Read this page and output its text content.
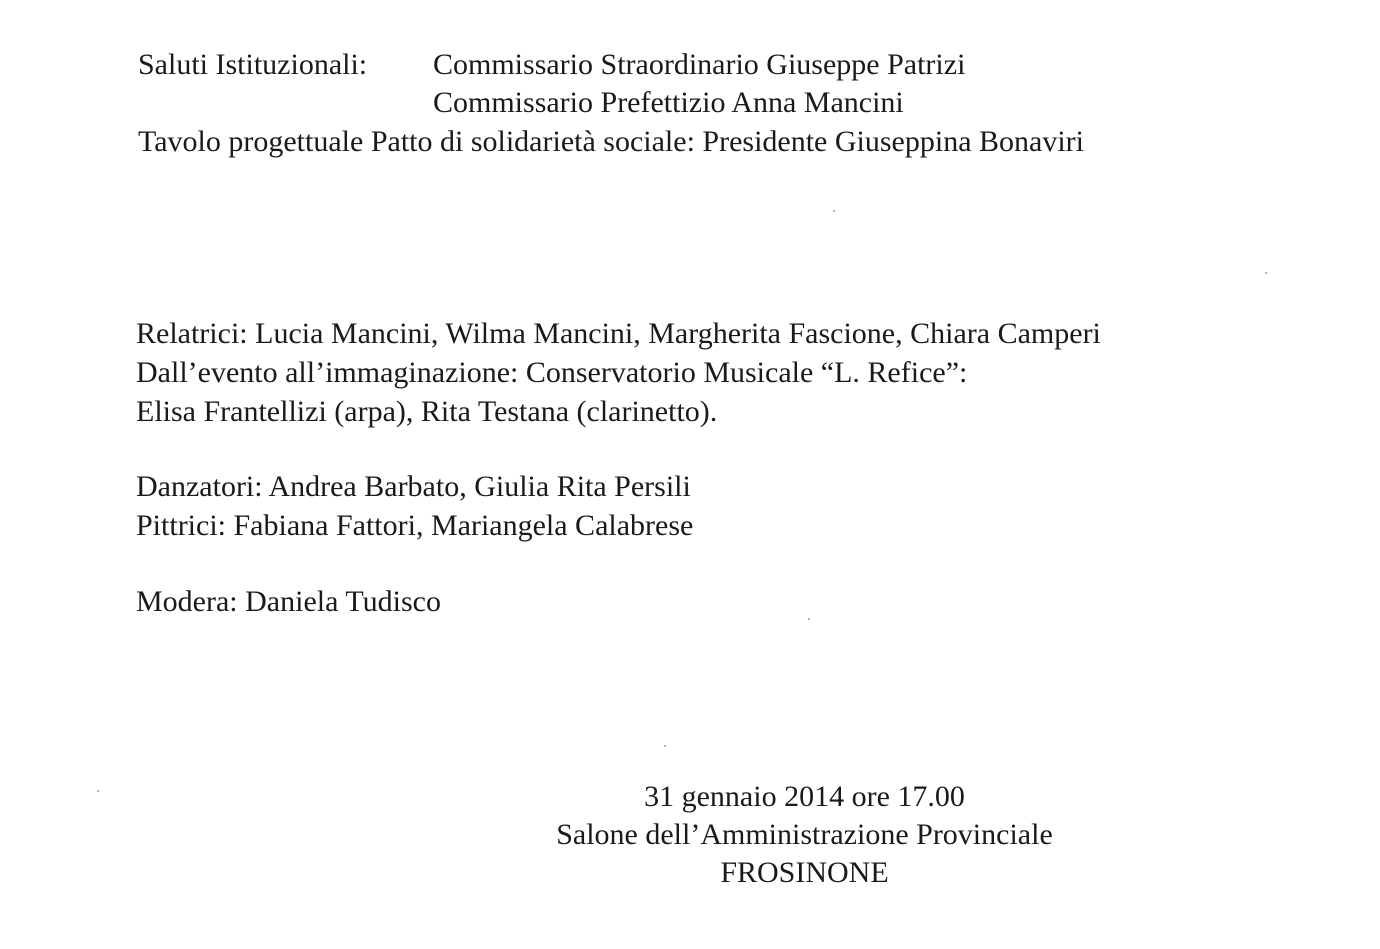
Saluti Istituzionali: Commissario Straordinario Giuseppe Patrizi
Commissario Prefettizio Anna Mancini
Tavolo progettuale Patto di solidarietà sociale: Presidente Giuseppina Bonaviri
Relatrici: Lucia Mancini, Wilma Mancini, Margherita Fascione, Chiara Camperi
Dall’evento all’immaginazione: Conservatorio Musicale “L. Refice”:
Elisa Frantellizi (arpa), Rita Testana (clarinetto).
Danzatori: Andrea Barbato, Giulia Rita Persili
Pittrici: Fabiana Fattori, Mariangela Calabrese
Modera: Daniela Tudisco
31 gennaio 2014 ore 17.00
Salone dell’Amministrazione Provinciale
FROSINONE
